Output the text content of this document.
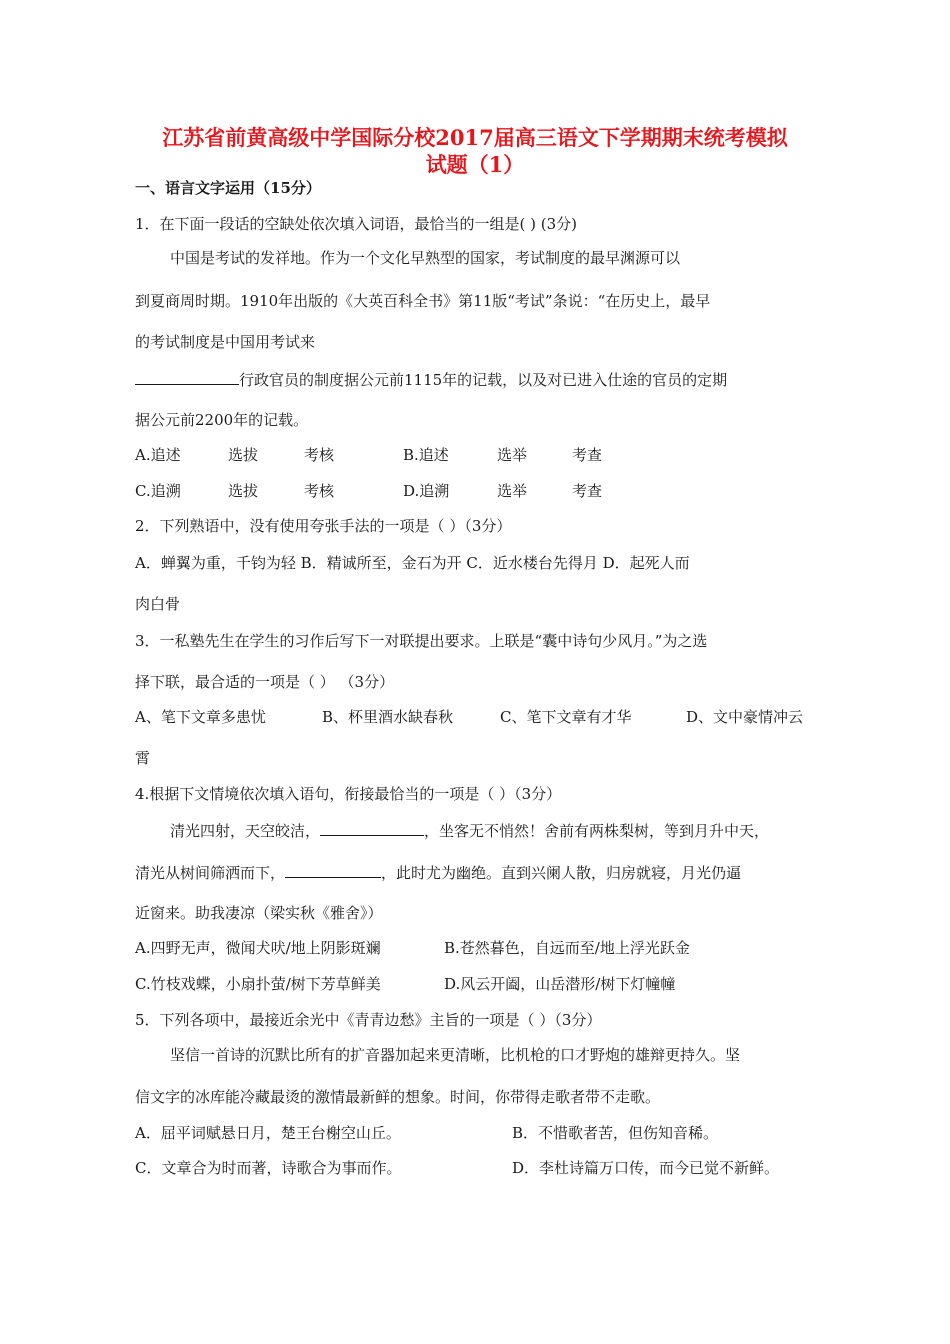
江苏省前黄高级中学国际分校2017届高三语文下学期期末统考模拟
试题（1）
一、语言文字运用（15分）
1．在下面一段话的空缺处依次填入词语，最恰当的一组是( ) (3分)
中国是考试的发祥地。作为一个文化早熟型的国家，考试制度的最早渊源可以
到夏商周时期。1910年出版的《大英百科全书》第11版“考试”条说：“在历史上，最早
的考试制度是中国用考试来
行政官员的制度据公元前1115年的记载，以及对已进入仕途的官员的定期
据公元前2200年的记载。
A.追述	选拔	考核	B.追述	选举	考查
C.追溯	选拔	考核	D.追溯	选举	考查
2．下列熟语中，没有使用夸张手法的一项是（ ）（3分）
A．蝉翼为重，千钧为轻 B．精诚所至，金石为开 C．近水楼台先得月 D．起死人而
肉白骨
3．一私塾先生在学生的习作后写下一对联提出要求。上联是“囊中诗句少风月。”为之选
择下联，最合适的一项是（ ） （3分）
A、笔下文章多患忧	B、杯里酒水缺春秋	C、笔下文章有才华	D、文中豪情冲云
霄
4.根据下文情境依次填入语句，衔接最恰当的一项是（ ）（3分）
清光四射，天空皎洁，	，坐客无不悄然！舍前有两株梨树，等到月升中天，
清光从树间筛洒而下，	，此时尤为幽绝。直到兴阑人散，归房就寝，月光仍逼
近窗来。助我凄凉（梁实秋《雅舍》）
A.四野无声，微闻犬吠/地上阴影斑斓	B.苍然暮色，自远而至/地上浮光跃金
C.竹枝戏蝶，小扇扑萤/树下芳草鲜美	D.风云开阖，山岳潜形/树下灯幢幢
5．下列各项中，最接近余光中《青青边愁》主旨的一项是（ ）（3分）
坚信一首诗的沉默比所有的扩音器加起来更清晰，比机枪的口才野炮的雄辩更持久。坚
信文字的冰库能冷藏最烫的激情最新鲜的想象。时间，你带得走歌者带不走歌。
A．屈平词赋悬日月，楚王台榭空山丘。	B．不惜歌者苦，但伤知音稀。
C．文章合为时而著，诗歌合为事而作。	D．李杜诗篇万口传，而今已觉不新鲜。
